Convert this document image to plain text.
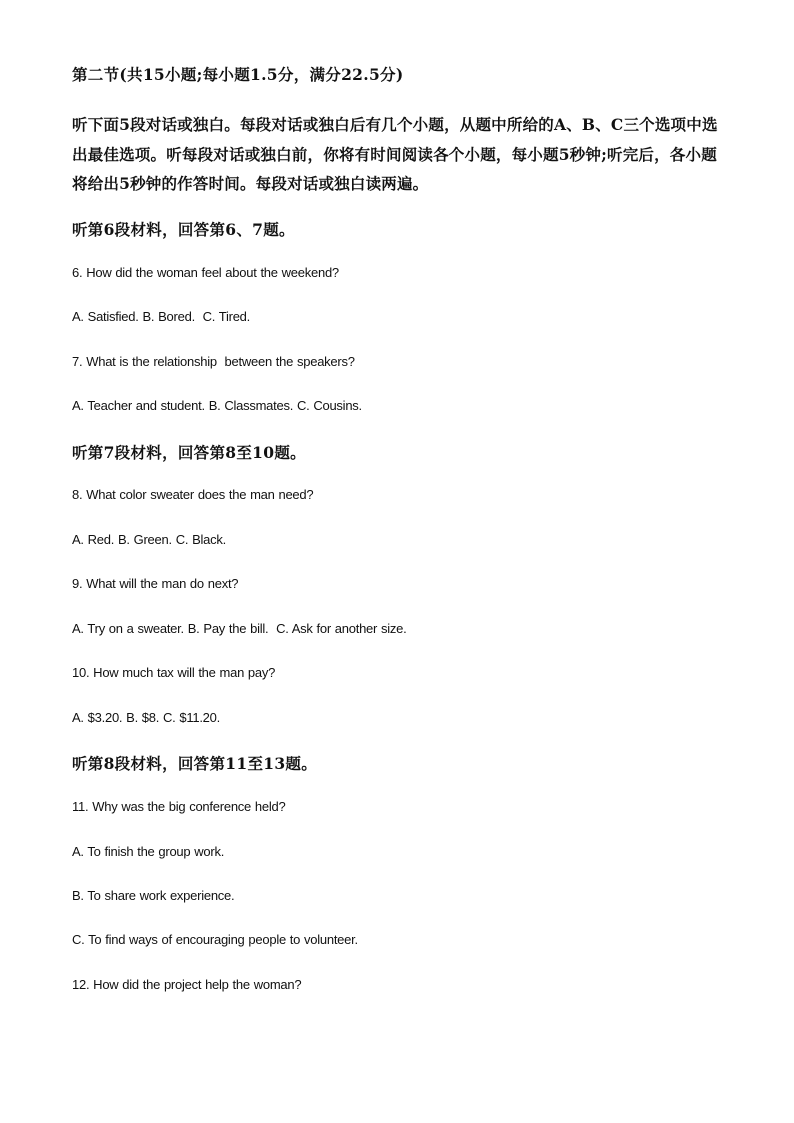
第二节(共15小题;每小题1.5分，满分22.5分)

听下面5段对话或独白。每段对话或独白后有几个小题，从题中所给的A、B、C三个选项中选出最佳选项。听每段对话或独白前，你将有时间阅读各个小题，每小题5秒钟;听完后，各小题将给出5秒钟的作答时间。每段对话或独白读两遍。

听第6段材料，回答第6、7题。
6. How did the woman feel about the weekend?
A. Satisfied. B. Bored.  C. Tired.
7. What is the relationship  between the speakers?
A. Teacher and student. B. Classmates. C. Cousins.
听第7段材料，回答第8至10题。
8. What color sweater does the man need?
A. Red. B. Green. C. Black.
9. What will the man do next?
A. Try on a sweater. B. Pay the bill.  C. Ask for another size.
10. How much tax will the man pay?
A. $3.20. B. $8. C. $11.20.
听第8段材料，回答第11至13题。
11. Why was the big conference held?
A. To finish the group work.
B. To share work experience.
C. To find ways of encouraging people to volunteer.
12. How did the project help the woman?
